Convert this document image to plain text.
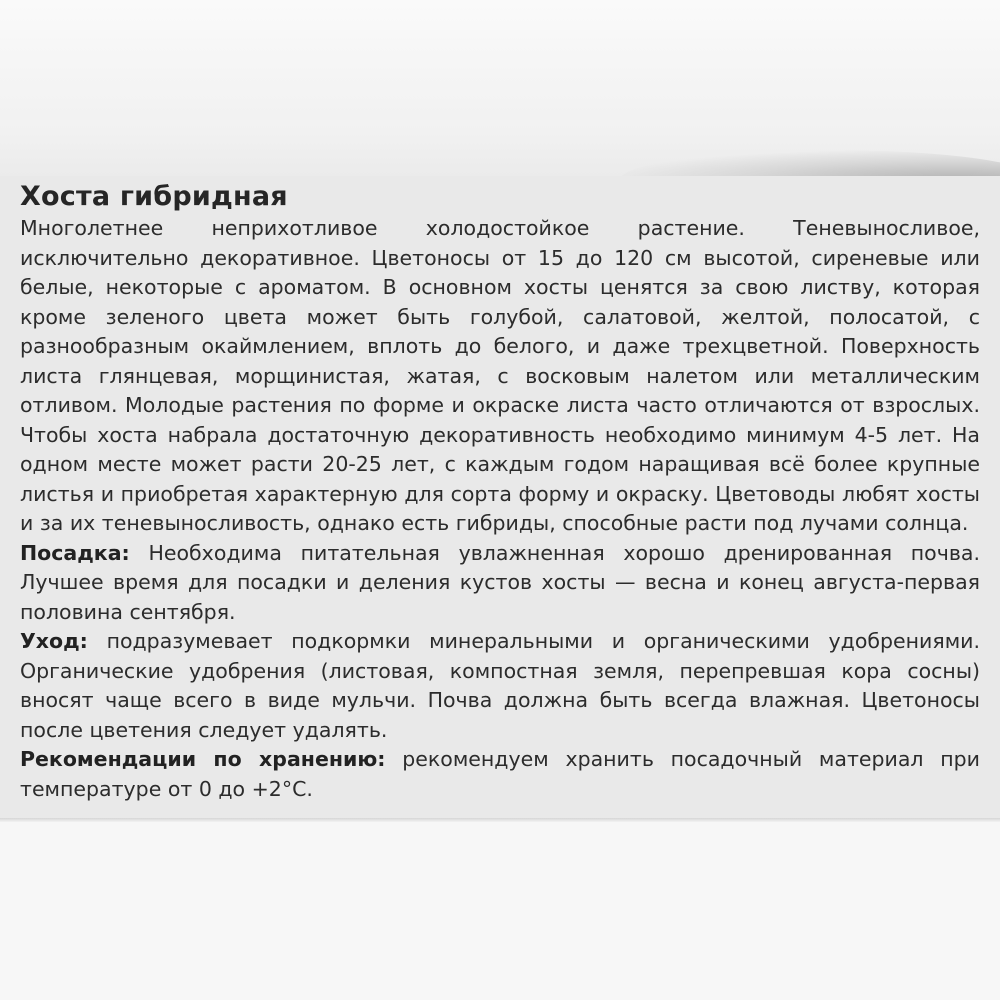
Хоста гибридная

Многолетнее неприхотливое холодостойкое растение. Теневыносливое, исключительно декоративное. Цветоносы от 15 до 120 см высотой, сиреневые или белые, некоторые с ароматом. В основном хосты ценятся за свою листву, которая кроме зеленого цвета может быть голубой, салатовой, желтой, полосатой, с разнообразным окаймлением, вплоть до белого, и даже трехцветной. Поверхность листа глянцевая, морщинистая, жатая, с восковым налетом или металлическим отливом. Молодые растения по форме и окраске листа часто отличаются от взрослых. Чтобы хоста набрала достаточную декоративность необходимо минимум 4-5 лет. На одном месте может расти 20-25 лет, с каждым годом наращивая всё более крупные листья и приобретая характерную для сорта форму и окраску. Цветоводы любят хосты и за их теневыносливость, однако есть гибриды, способные расти под лучами солнца.

Посадка: Необходима питательная увлажненная хорошо дренированная почва. Лучшее время для посадки и деления кустов хосты — весна и конец августа-первая половина сентября.

Уход: подразумевает подкормки минеральными и органическими удобрениями. Органические удобрения (листовая, компостная земля, перепревшая кора сосны) вносят чаще всего в виде мульчи. Почва должна быть всегда влажная. Цветоносы после цветения следует удалять.

Рекомендации по хранению: рекомендуем хранить посадочный материал при температуре от 0 до +2°С.
